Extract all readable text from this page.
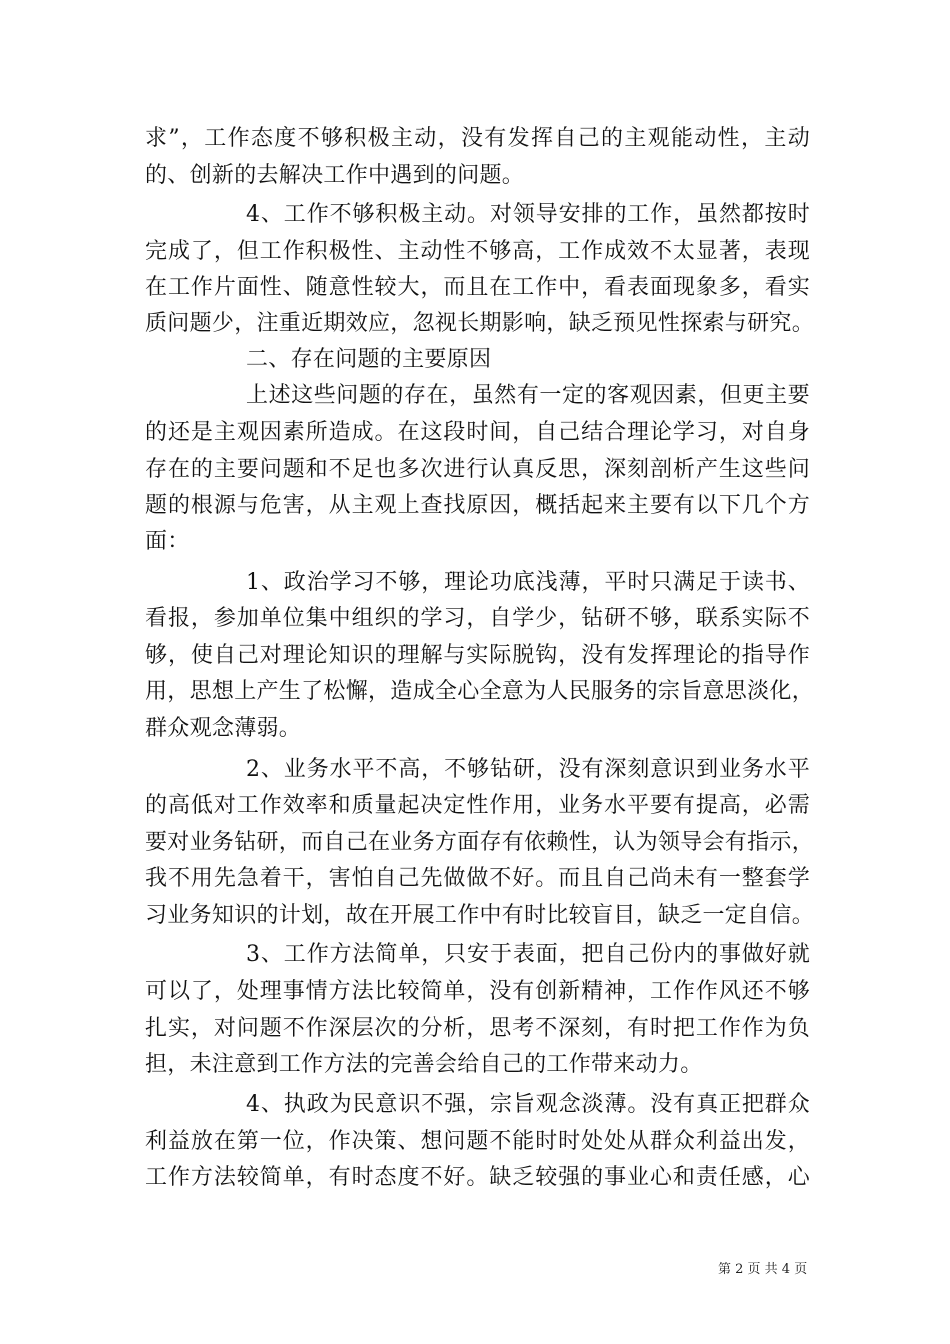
求”，工作态度不够积极主动，没有发挥自己的主观能动性，主动
的、创新的去解决工作中遇到的问题。
4、工作不够积极主动。对领导安排的工作，虽然都按时
完成了，但工作积极性、主动性不够高，工作成效不太显著，表现
在工作片面性、随意性较大，而且在工作中，看表面现象多，看实
质问题少，注重近期效应，忽视长期影响，缺乏预见性探索与研究。
二、存在问题的主要原因
上述这些问题的存在，虽然有一定的客观因素，但更主要
的还是主观因素所造成。在这段时间，自己结合理论学习，对自身
存在的主要问题和不足也多次进行认真反思，深刻剖析产生这些问
题的根源与危害，从主观上查找原因，概括起来主要有以下几个方
面：
1、政治学习不够，理论功底浅薄，平时只满足于读书、
看报，参加单位集中组织的学习，自学少，钻研不够，联系实际不
够，使自己对理论知识的理解与实际脱钩，没有发挥理论的指导作
用，思想上产生了松懈，造成全心全意为人民服务的宗旨意思淡化，
群众观念薄弱。
2、业务水平不高，不够钻研，没有深刻意识到业务水平
的高低对工作效率和质量起决定性作用，业务水平要有提高，必需
要对业务钻研，而自己在业务方面存有依赖性，认为领导会有指示，
我不用先急着干，害怕自己先做做不好。而且自己尚未有一整套学
习业务知识的计划，故在开展工作中有时比较盲目，缺乏一定自信。
3、工作方法简单，只安于表面，把自己份内的事做好就
可以了，处理事情方法比较简单，没有创新精神，工作作风还不够
扎实，对问题不作深层次的分析，思考不深刻，有时把工作作为负
担，未注意到工作方法的完善会给自己的工作带来动力。
4、执政为民意识不强，宗旨观念淡薄。没有真正把群众
利益放在第一位，作决策、想问题不能时时处处从群众利益出发，
工作方法较简单，有时态度不好。缺乏较强的事业心和责任感，心
第 2 页 共 4 页
